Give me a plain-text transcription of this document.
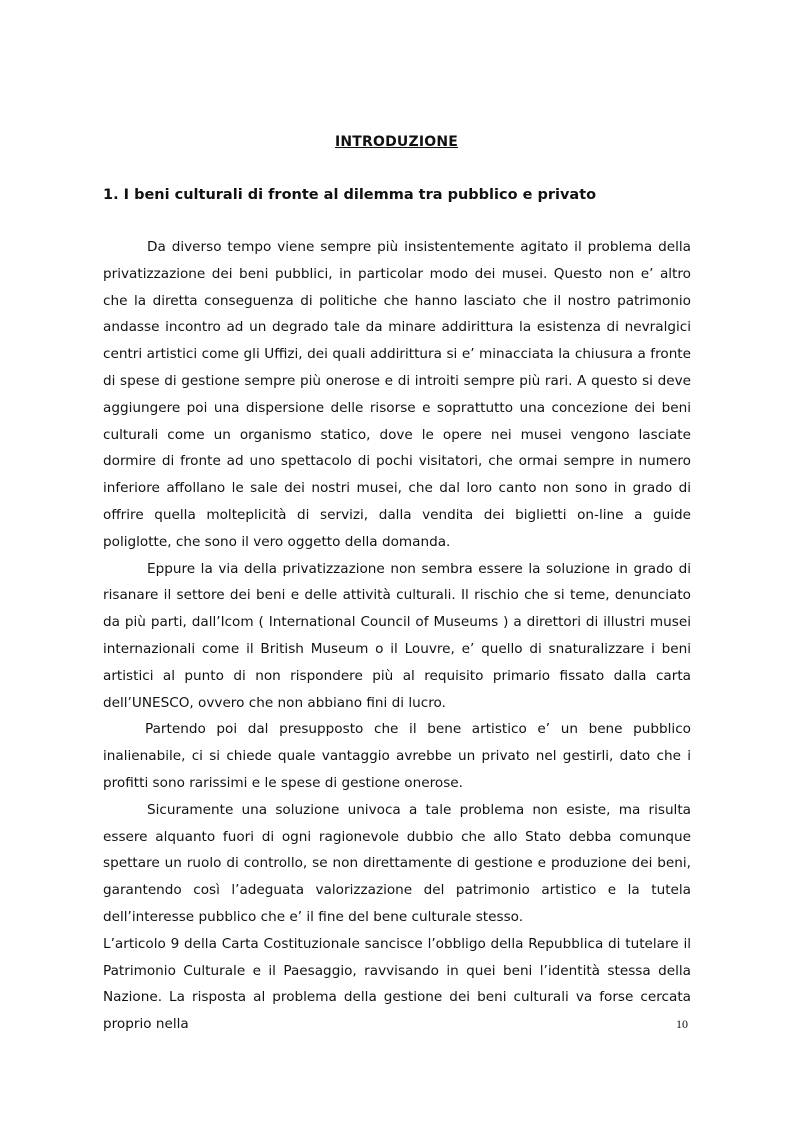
INTRODUZIONE
1. I beni culturali di fronte al dilemma tra pubblico e privato

Da diverso tempo viene sempre più insistentemente agitato il problema della privatizzazione dei beni pubblici, in particolar modo dei musei. Questo non e’ altro che la diretta conseguenza di politiche che hanno lasciato che il nostro patrimonio andasse incontro ad un degrado tale da minare addirittura la esistenza di nevralgici centri artistici come gli Uffizi, dei quali addirittura si e’ minacciata la chiusura a fronte di spese di gestione sempre più onerose e di introiti sempre più rari. A questo si deve aggiungere poi una dispersione delle risorse e soprattutto una concezione dei beni culturali come un organismo statico, dove le opere nei musei vengono lasciate dormire di fronte ad uno spettacolo di pochi visitatori, che ormai sempre in numero inferiore affollano le sale dei nostri musei, che dal loro canto non sono in grado di offrire quella molteplicità di servizi, dalla vendita dei biglietti on-line a guide poliglotte, che sono il vero oggetto della domanda.

Eppure la via della privatizzazione non sembra essere la soluzione in grado di risanare il settore dei beni e delle attività culturali. Il rischio che si teme, denunciato da più parti, dall’Icom ( International Council of Museums ) a direttori di illustri musei internazionali come il British Museum o il Louvre, e’ quello di snaturalizzare i beni artistici al punto di non rispondere più al requisito primario fissato dalla carta dell’UNESCO, ovvero che non abbiano fini di lucro.

Partendo poi dal presupposto che il bene artistico e’ un bene pubblico inalienabile, ci si chiede quale vantaggio avrebbe un privato nel gestirli, dato che i profitti sono rarissimi e le spese di gestione onerose.

Sicuramente una soluzione univoca a tale problema non esiste, ma risulta essere alquanto fuori di ogni ragionevole dubbio che allo Stato debba comunque spettare un ruolo di controllo, se non direttamente di gestione e produzione dei beni, garantendo così l’adeguata valorizzazione del patrimonio artistico e la tutela dell’interesse pubblico che e’ il fine del bene culturale stesso.

L’articolo 9 della Carta Costituzionale sancisce l’obbligo della Repubblica di tutelare il Patrimonio Culturale e il Paesaggio, ravvisando in quei beni l’identità stessa della Nazione. La risposta al problema della gestione dei beni culturali va forse cercata proprio nella	10
